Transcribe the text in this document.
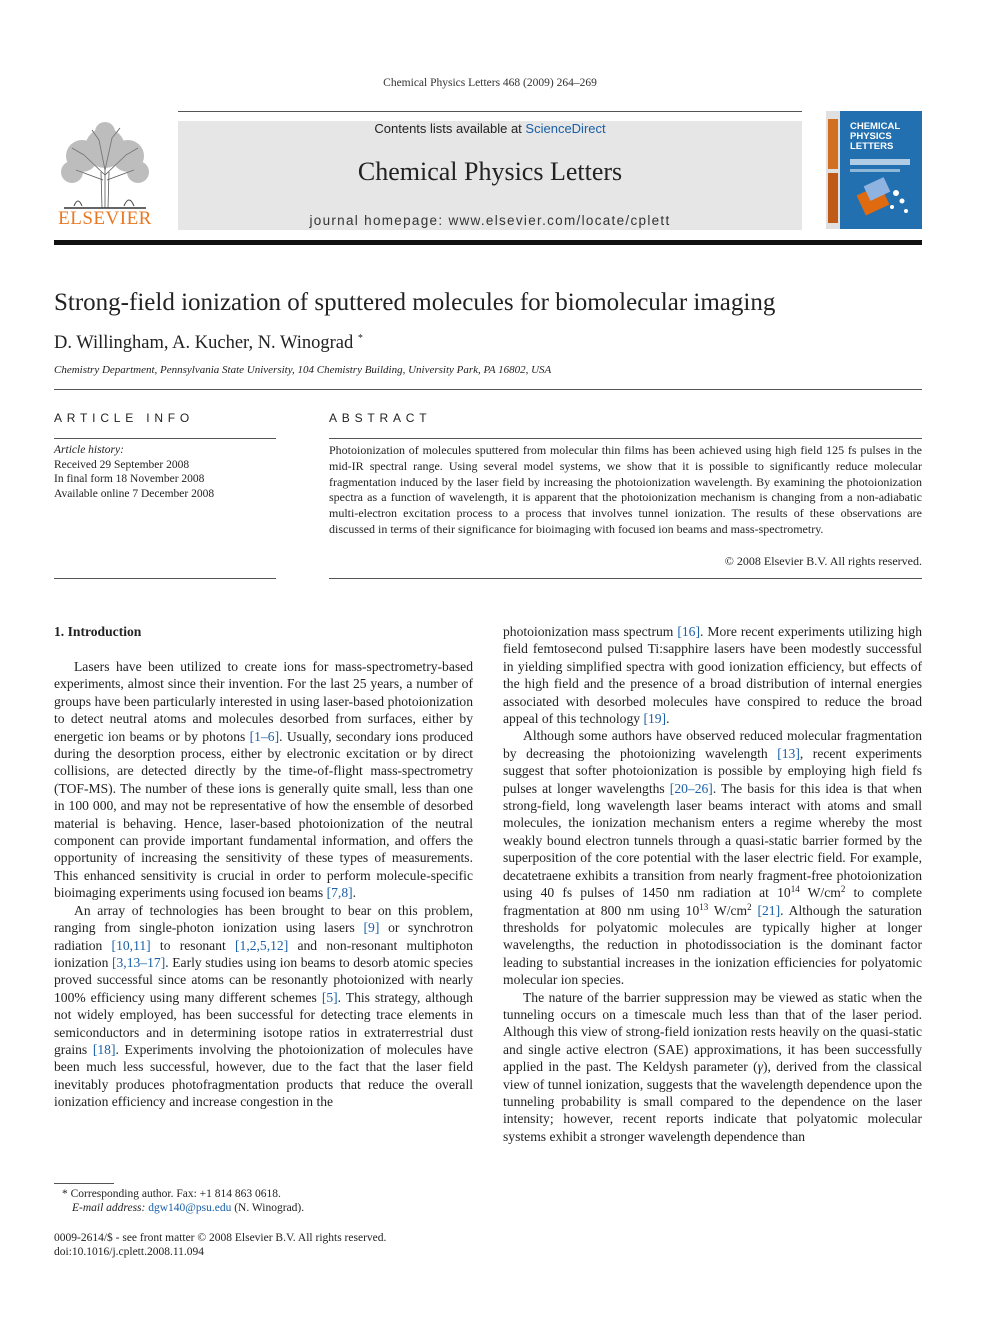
Chemical Physics Letters 468 (2009) 264–269
ELSEVIER
Contents lists available at ScienceDirect
Chemical Physics Letters
journal homepage: www.elsevier.com/locate/cplett
CHEMICAL
PHYSICS
LETTERS
Strong-field ionization of sputtered molecules for biomolecular imaging
D. Willingham, A. Kucher, N. Winograd *
Chemistry Department, Pennsylvania State University, 104 Chemistry Building, University Park, PA 16802, USA
ARTICLE INFO	ABSTRACT
Article history:
Received 29 September 2008
In final form 18 November 2008
Available online 7 December 2008
Photoionization of molecules sputtered from molecular thin films has been achieved using high field 125 fs pulses in the mid-IR spectral range. Using several model systems, we show that it is possible to significantly reduce molecular fragmentation induced by the laser field by increasing the photoionization wavelength. By examining the photoionization spectra as a function of wavelength, it is apparent that the photoionization mechanism is changing from a non-adiabatic multi-electron excitation process to a process that involves tunnel ionization. The results of these observations are discussed in terms of their significance for bioimaging with focused ion beams and mass-spectrometry.
© 2008 Elsevier B.V. All rights reserved.
1. Introduction

Lasers have been utilized to create ions for mass-spectrometry-based experiments, almost since their invention. For the last 25 years, a number of groups have been particularly interested in using laser-based photoionization to detect neutral atoms and molecules desorbed from surfaces, either by energetic ion beams or by photons [1–6]. Usually, secondary ions produced during the desorption process, either by electronic excitation or by direct collisions, are detected directly by the time-of-flight mass-spectrometry (TOF-MS). The number of these ions is generally quite small, less than one in 100 000, and may not be representative of how the ensemble of desorbed material is behaving. Hence, laser-based photoionization of the neutral component can provide important fundamental information, and offers the opportunity of increasing the sensitivity of these types of measurements. This enhanced sensitivity is crucial in order to perform molecule-specific bioimaging experiments using focused ion beams [7,8].

An array of technologies has been brought to bear on this problem, ranging from single-photon ionization using lasers [9] or synchrotron radiation [10,11] to resonant [1,2,5,12] and non-resonant multiphoton ionization [3,13–17]. Early studies using ion beams to desorb atomic species proved successful since atoms can be resonantly photoionized with nearly 100% efficiency using many different schemes [5]. This strategy, although not widely employed, has been successful for detecting trace elements in semiconductors and in determining isotope ratios in extraterrestrial dust grains [18]. Experiments involving the photoionization of molecules have been much less successful, however, due to the fact that the laser field inevitably produces photofragmentation products that reduce the overall ionization efficiency and increase congestion in the

photoionization mass spectrum [16]. More recent experiments utilizing high field femtosecond pulsed Ti:sapphire lasers have been modestly successful in yielding simplified spectra with good ionization efficiency, but effects of the high field and the presence of a broad distribution of internal energies associated with desorbed molecules have conspired to reduce the broad appeal of this technology [19].

Although some authors have observed reduced molecular fragmentation by decreasing the photoionizing wavelength [13], recent experiments suggest that softer photoionization is possible by employing high field fs pulses at longer wavelengths [20–26]. The basis for this idea is that when strong-field, long wavelength laser beams interact with atoms and small molecules, the ionization mechanism enters a regime whereby the most weakly bound electron tunnels through a quasi-static barrier formed by the superposition of the core potential with the laser electric field. For example, decatetraene exhibits a transition from nearly fragment-free photoionization using 40 fs pulses of 1450 nm radiation at $10^{14}$ $W/cm^2$ to complete fragmentation at 800 nm using $10^{13}$ $W/cm^2$ [21]. Although the saturation thresholds for polyatomic molecules are typically higher at longer wavelengths, the reduction in photodissociation is the dominant factor leading to substantial increases in the ionization efficiencies for polyatomic molecular ion species.

The nature of the barrier suppression may be viewed as static when the tunneling occurs on a timescale much less than that of the laser period. Although this view of strong-field ionization rests heavily on the quasi-static and single active electron (SAE) approximations, it has been successfully applied in the past. The Keldysh parameter (γ), derived from the classical view of tunnel ionization, suggests that the wavelength dependence upon the tunneling probability is small compared to the dependence on the laser intensity; however, recent reports indicate that polyatomic molecular systems exhibit a stronger wavelength dependence than

* Corresponding author. Fax: +1 814 863 0618.
E-mail address: dgw140@psu.edu (N. Winograd).
0009-2614/$ - see front matter © 2008 Elsevier B.V. All rights reserved.
doi:10.1016/j.cplett.2008.11.094
